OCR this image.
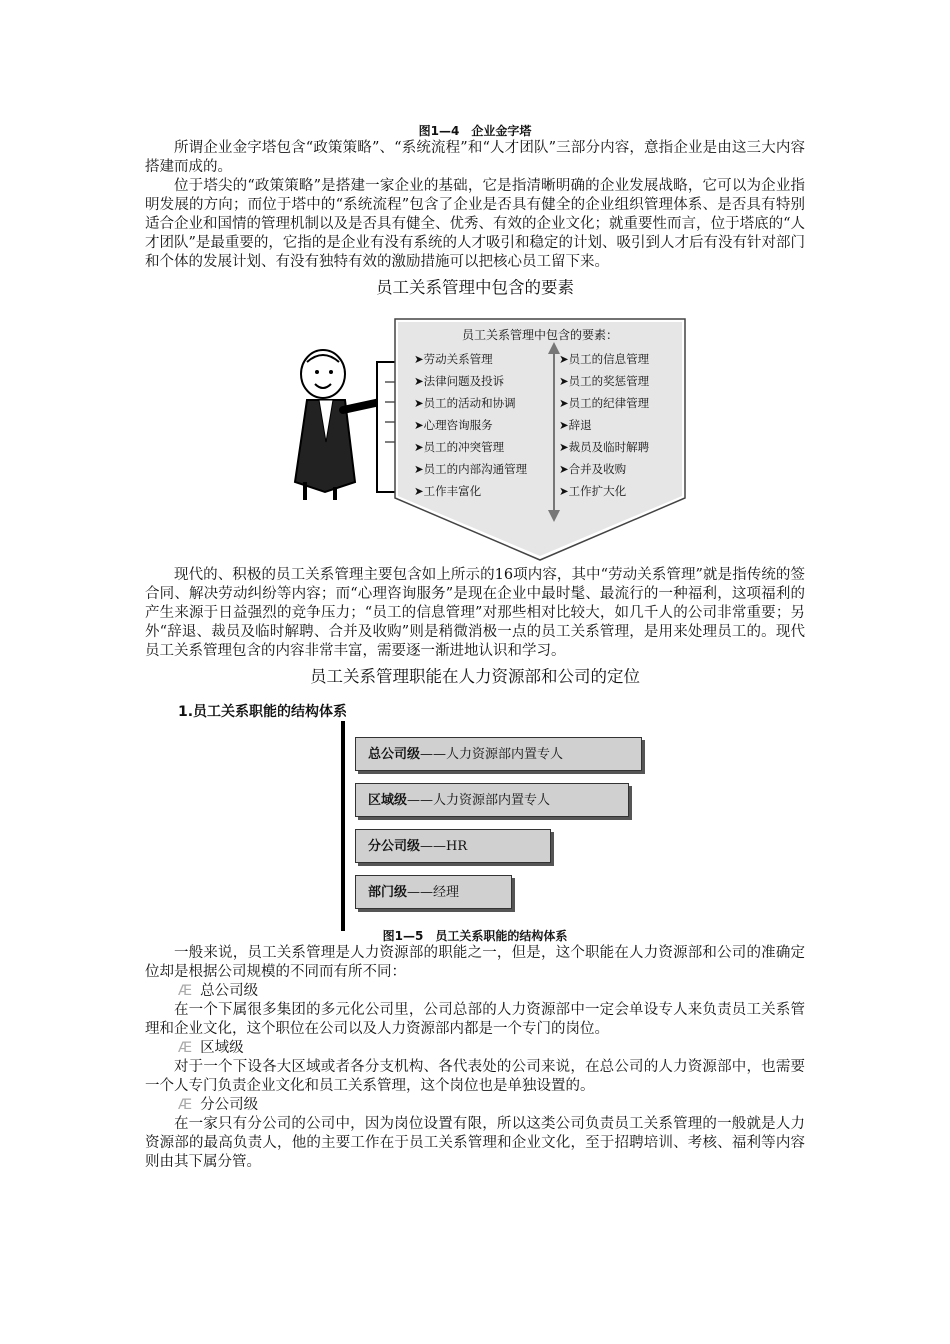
图1—4　企业金字塔

所谓企业金字塔包含“政策策略”、“系统流程”和“人才团队”三部分内容，意指企业是由这三大内容搭建而成的。

位于塔尖的“政策策略”是搭建一家企业的基础，它是指清晰明确的企业发展战略，它可以为企业指明发展的方向；而位于塔中的“系统流程”包含了企业是否具有健全的企业组织管理体系、是否具有特别适合企业和国情的管理机制以及是否具有健全、优秀、有效的企业文化；就重要性而言，位于塔底的“人才团队”是最重要的，它指的是企业有没有系统的人才吸引和稳定的计划、吸引到人才后有没有针对部门和个体的发展计划、有没有独特有效的激励措施可以把核心员工留下来。

员工关系管理中包含的要素
员工关系管理中包含的要素：
➤劳动关系管理
➤法律问题及投诉
➤员工的活动和协调
➤心理咨询服务
➤员工的冲突管理
➤员工的内部沟通管理
➤工作丰富化
➤员工的信息管理
➤员工的奖惩管理
➤员工的纪律管理
➤辞退
➤裁员及临时解聘
➤合并及收购
➤工作扩大化

现代的、积极的员工关系管理主要包含如上所示的16项内容，其中“劳动关系管理”就是指传统的签合同、解决劳动纠纷等内容；而“心理咨询服务”是现在企业中最时髦、最流行的一种福利，这项福利的产生来源于日益强烈的竞争压力；“员工的信息管理”对那些相对比较大，如几千人的公司非常重要；另外“辞退、裁员及临时解聘、合并及收购”则是稍微消极一点的员工关系管理，是用来处理员工的。现代员工关系管理包含的内容非常丰富，需要逐一渐进地认识和学习。

员工关系管理职能在人力资源部和公司的定位
1.员工关系职能的结构体系
总公司级——人力资源部内置专人
区域级——人力资源部内置专人
分公司级——HR
部门级——经理
图1—5　员工关系职能的结构体系

一般来说，员工关系管理是人力资源部的职能之一，但是，这个职能在人力资源部和公司的准确定位却是根据公司规模的不同而有所不同：

Æ 总公司级

在一个下属很多集团的多元化公司里，公司总部的人力资源部中一定会单设专人来负责员工关系管理和企业文化，这个职位在公司以及人力资源部内都是一个专门的岗位。

Æ 区域级

对于一个下设各大区域或者各分支机构、各代表处的公司来说，在总公司的人力资源部中，也需要一个人专门负责企业文化和员工关系管理，这个岗位也是单独设置的。

Æ 分公司级

在一家只有分公司的公司中，因为岗位设置有限，所以这类公司负责员工关系管理的一般就是人力资源部的最高负责人，他的主要工作在于员工关系管理和企业文化，至于招聘培训、考核、福利等内容则由其下属分管。
